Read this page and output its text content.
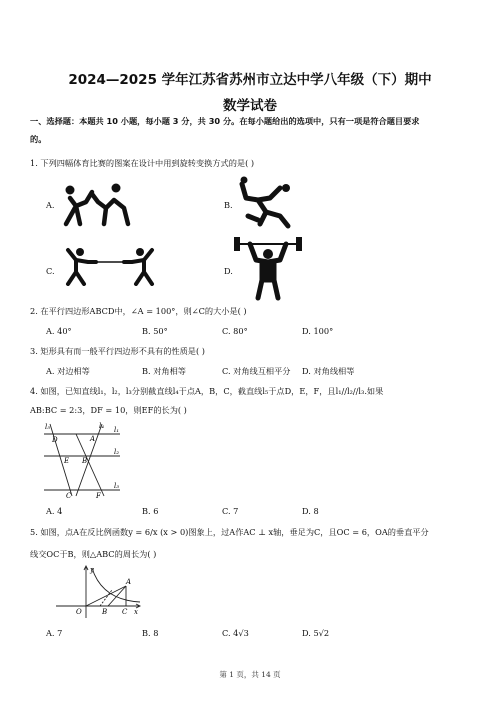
2024—2025 学年江苏省苏州市立达中学八年级（下）期中
数学试卷
一、选择题：本题共 10 小题，每小题 3 分，共 30 分。在每小题给出的选项中，只有一项是符合题目要求
的。
1. 下列四幅体育比赛的图案在设计中用到旋转变换方式的是( )
A.	B.
C.	D.
2. 在平行四边形ABCD中，∠A = 100°，则∠C的大小是( )
A. 40°	B. 50°	C. 80°	D. 100°
3. 矩形具有而一般平行四边形不具有的性质是( )
A. 对边相等	B. 对角相等	C. 对角线互相平分 D. 对角线相等
4. 如图，已知直线l₁，l₂，l₃分别截直线l₄于点A，B，C，截直线l₅于点D，E，F，且l₁//l₂//l₃.如果
AB:BC = 2:3，DF = 10，则EF的长为( )
l₅	l₄
D	A
l₁
E B
l₂
C	F
l₃
A. 4	B. 6	C. 7	D. 8
5. 如图，点A在反比例函数y = 6/x (x > 0)图象上，过A作AC ⊥ x轴，垂足为C，且OC = 6，OA的垂直平分
线交OC于B，则△ABC的周长为( )
y
A
O	B C x
A. 7	B. 8	C. 4√3	D. 5√2
第 1 页，共 14 页
